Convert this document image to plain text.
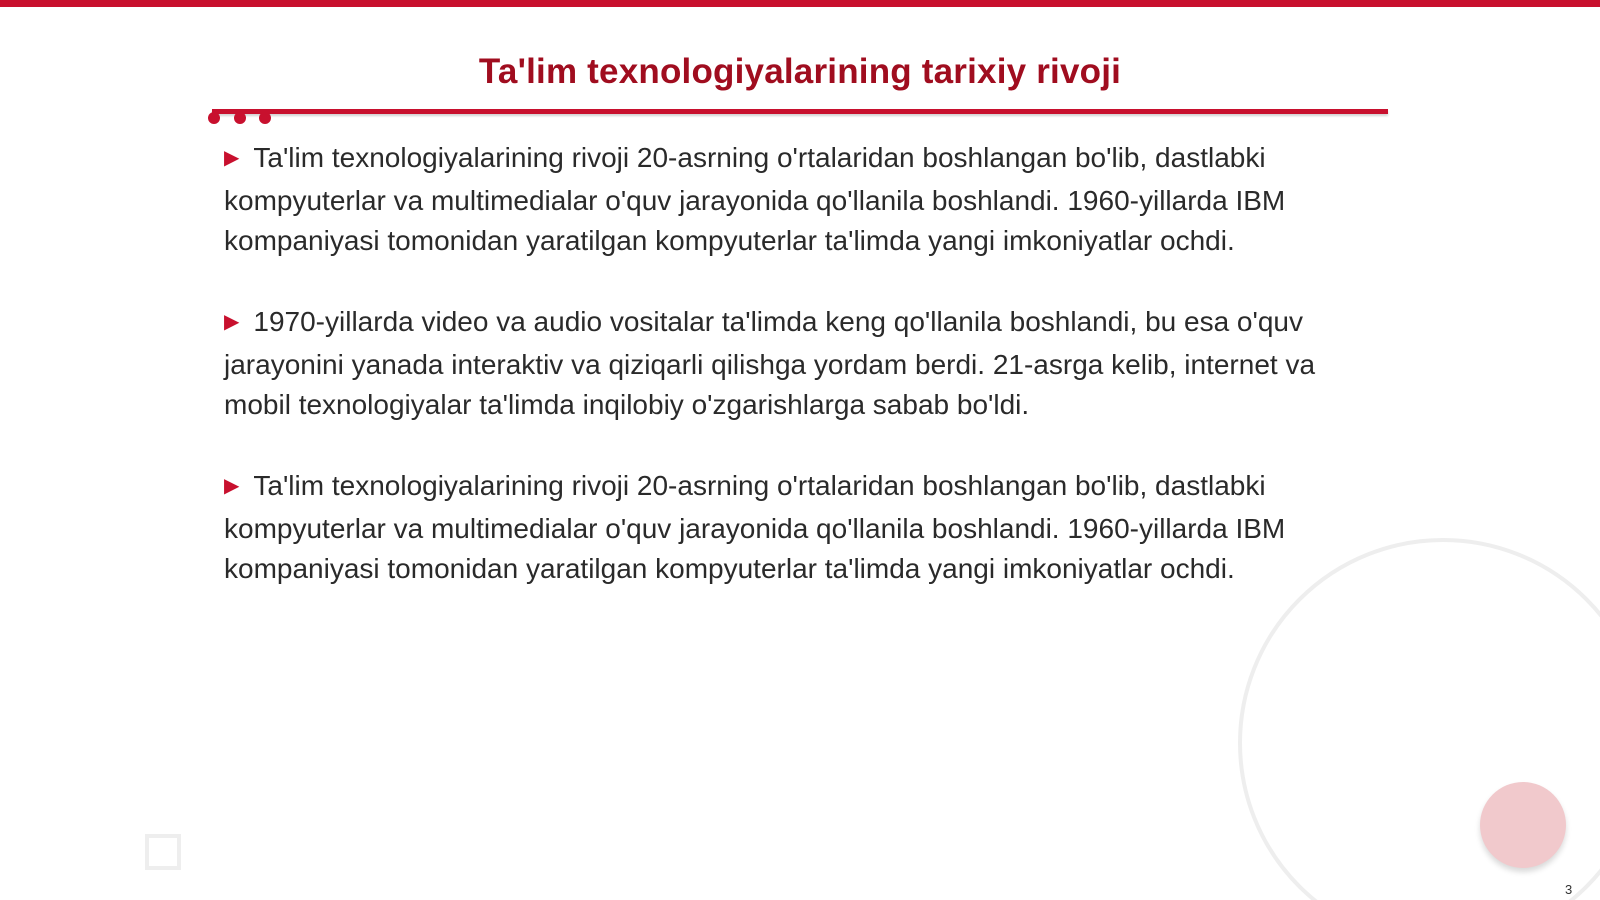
Ta'lim texnologiyalarining tarixiy rivoji

▶ Ta'lim texnologiyalarining rivoji 20-asrning o'rtalaridan boshlangan bo'lib, dastlabki kompyuterlar va multimedialar o'quv jarayonida qo'llanila boshlandi. 1960-yillarda IBM kompaniyasi tomonidan yaratilgan kompyuterlar ta'limda yangi imkoniyatlar ochdi.

▶ 1970-yillarda video va audio vositalar ta'limda keng qo'llanila boshlandi, bu esa o'quv jarayonini yanada interaktiv va qiziqarli qilishga yordam berdi. 21-asrga kelib, internet va mobil texnologiyalar ta'limda inqilobiy o'zgarishlarga sabab bo'ldi.

▶ Ta'lim texnologiyalarining rivoji 20-asrning o'rtalaridan boshlangan bo'lib, dastlabki kompyuterlar va multimedialar o'quv jarayonida qo'llanila boshlandi. 1960-yillarda IBM kompaniyasi tomonidan yaratilgan kompyuterlar ta'limda yangi imkoniyatlar ochdi.

3
